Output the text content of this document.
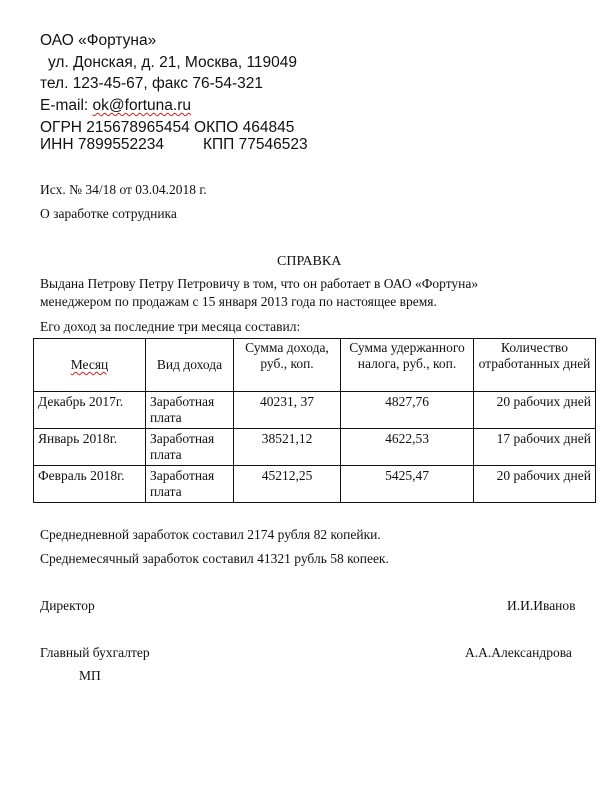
ОАО «Фортуна»
ул. Донская, д. 21, Москва, 119049
тел. 123-45-67, факс 76-54-321
E-mail: ok@fortuna.ru
ОГРН 215678965454 ОКПО 464845
ИНН 7899552234	КПП 77546523
Исх. № 34/18 от 03.04.2018 г.
О заработке сотрудника
СПРАВКА
Выдана Петрову Петру Петровичу в том, что он работает в ОАО «Фортуна»
менеджером по продажам с 15 января 2013 года по настоящее время.
Его доход за последние три месяца составил:
Месяц	Вид дохода	Сумма дохода, руб., коп.	Сумма удержанного налога, руб., коп.	Количество отработанных дней
Декабрь 2017г.	Заработная плата	40231, 37	4827,76	20 рабочих дней
Январь 2018г.	Заработная плата	38521,12	4622,53	17 рабочих дней
Февраль 2018г.	Заработная плата	45212,25	5425,47	20 рабочих дней
Среднедневной заработок составил 2174 рубля 82 копейки.
Среднемесячный заработок составил 41321 рубль 58 копеек.
Директор	И.И.Иванов
Главный бухгалтер	А.А.Александрова
МП
